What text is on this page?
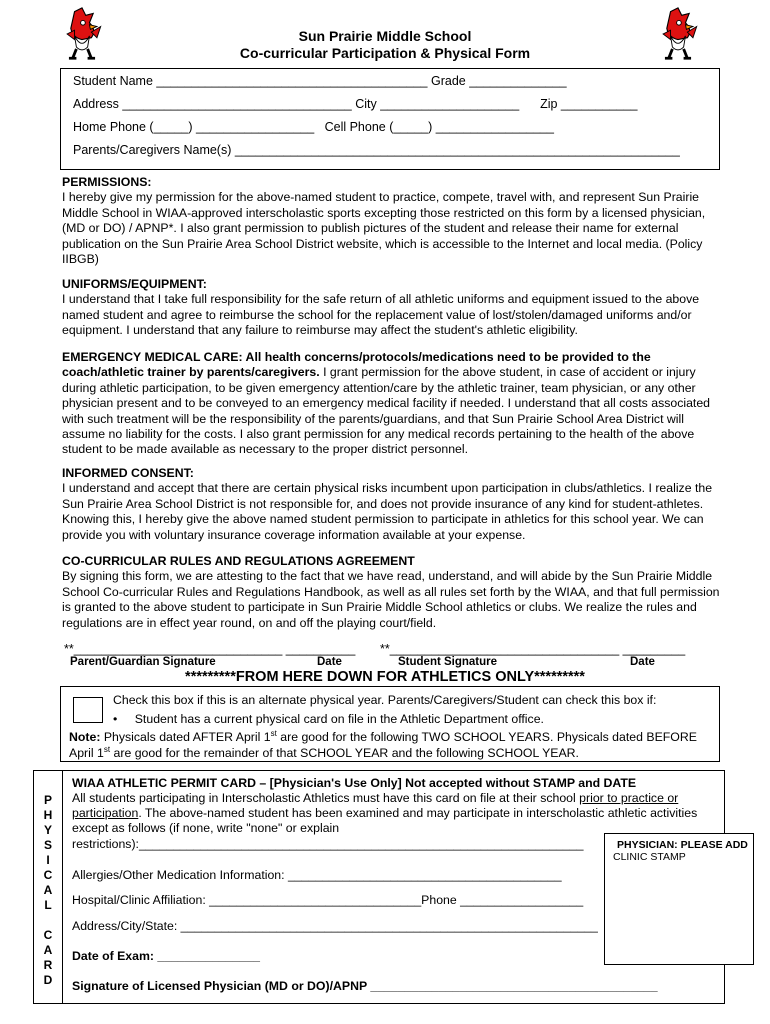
Sun Prairie Middle School
Co-curricular Participation & Physical Form
Student Name _______________________________________ Grade ______________
Address _________________________________ City ____________________      Zip ___________
Home Phone (_____) _________________   Cell Phone (_____) _________________
Parents/Caregivers Name(s) ________________________________________________________________
PERMISSIONS:
I hereby give my permission for the above-named student to practice, compete, travel with, and represent Sun Prairie Middle School in WIAA-approved interscholastic sports excepting those restricted on this form by a licensed physician, (MD or DO) / APNP*. I also grant permission to publish pictures of the student and release their name for external publication on the Sun Prairie Area School District website, which is accessible to the Internet and local media. (Policy IIBGB)
UNIFORMS/EQUIPMENT:
I understand that I take full responsibility for the safe return of all athletic uniforms and equipment issued to the above named student and agree to reimburse the school for the replacement value of lost/stolen/damaged uniforms and/or equipment. I understand that any failure to reimburse may affect the student's athletic eligibility.
EMERGENCY MEDICAL CARE: All health concerns/protocols/medications need to be provided to the coach/athletic trainer by parents/caregivers. I grant permission for the above student, in case of accident or injury during athletic participation, to be given emergency attention/care by the athletic trainer, team physician, or any other physician present and to be conveyed to an emergency medical facility if needed. I understand that all costs associated with such treatment will be the responsibility of the parents/guardians, and that Sun Prairie School Area District will assume no liability for the costs. I also grant permission for any medical records pertaining to the health of the above student to be made available as necessary to the proper district personnel.
INFORMED CONSENT:
I understand and accept that there are certain physical risks incumbent upon participation in clubs/athletics. I realize the Sun Prairie Area School District is not responsible for, and does not provide insurance of any kind for student-athletes. Knowing this, I hereby give the above named student permission to participate in athletics for this school year. We can provide you with voluntary insurance coverage information available at your expense.
CO-CURRICULAR RULES AND REGULATIONS AGREEMENT
By signing this form, we are attesting to the fact that we have read, understand, and will abide by the Sun Prairie Middle School Co-curricular Rules and Regulations Handbook, as well as all rules set forth by the WIAA, and that full permission is granted to the above student to participate in Sun Prairie Middle School athletics or clubs. We realize the rules and regulations are in effect year round, on and off the playing court/field.
**______________________________ __________ **_________________________________ _________
Parent/Guardian Signature	Date	Student Signature	Date
*********FROM HERE DOWN FOR ATHLETICS ONLY*********
Check this box if this is an alternate physical year. Parents/Caregivers/Student can check this box if:
• Student has a current physical card on file in the Athletic Department office.
Note: Physicals dated AFTER April 1st are good for the following TWO SCHOOL YEARS. Physicals dated BEFORE
April 1st are good for the remainder of that SCHOOL YEAR and the following SCHOOL YEAR.
P
H
Y
S
I
C
A
L
C
A
R
D
WIAA ATHLETIC PERMIT CARD – [Physician's Use Only] Not accepted without STAMP and DATE
All students participating in Interscholastic Athletics must have this card on file at their school prior to practice or participation. The above-named student has been examined and may participate in interscholastic athletic activities
except as follows (if none, write "none" or explain
restrictions):_________________________________________________________________	PHYSICIAN: PLEASE ADD
CLINIC STAMP
Allergies/Other Medication Information: ________________________________________
Hospital/Clinic Affiliation: _______________________________Phone __________________
Address/City/State: _____________________________________________________________
Date of Exam: _______________
Signature of Licensed Physician (MD or DO)/APNP __________________________________________
